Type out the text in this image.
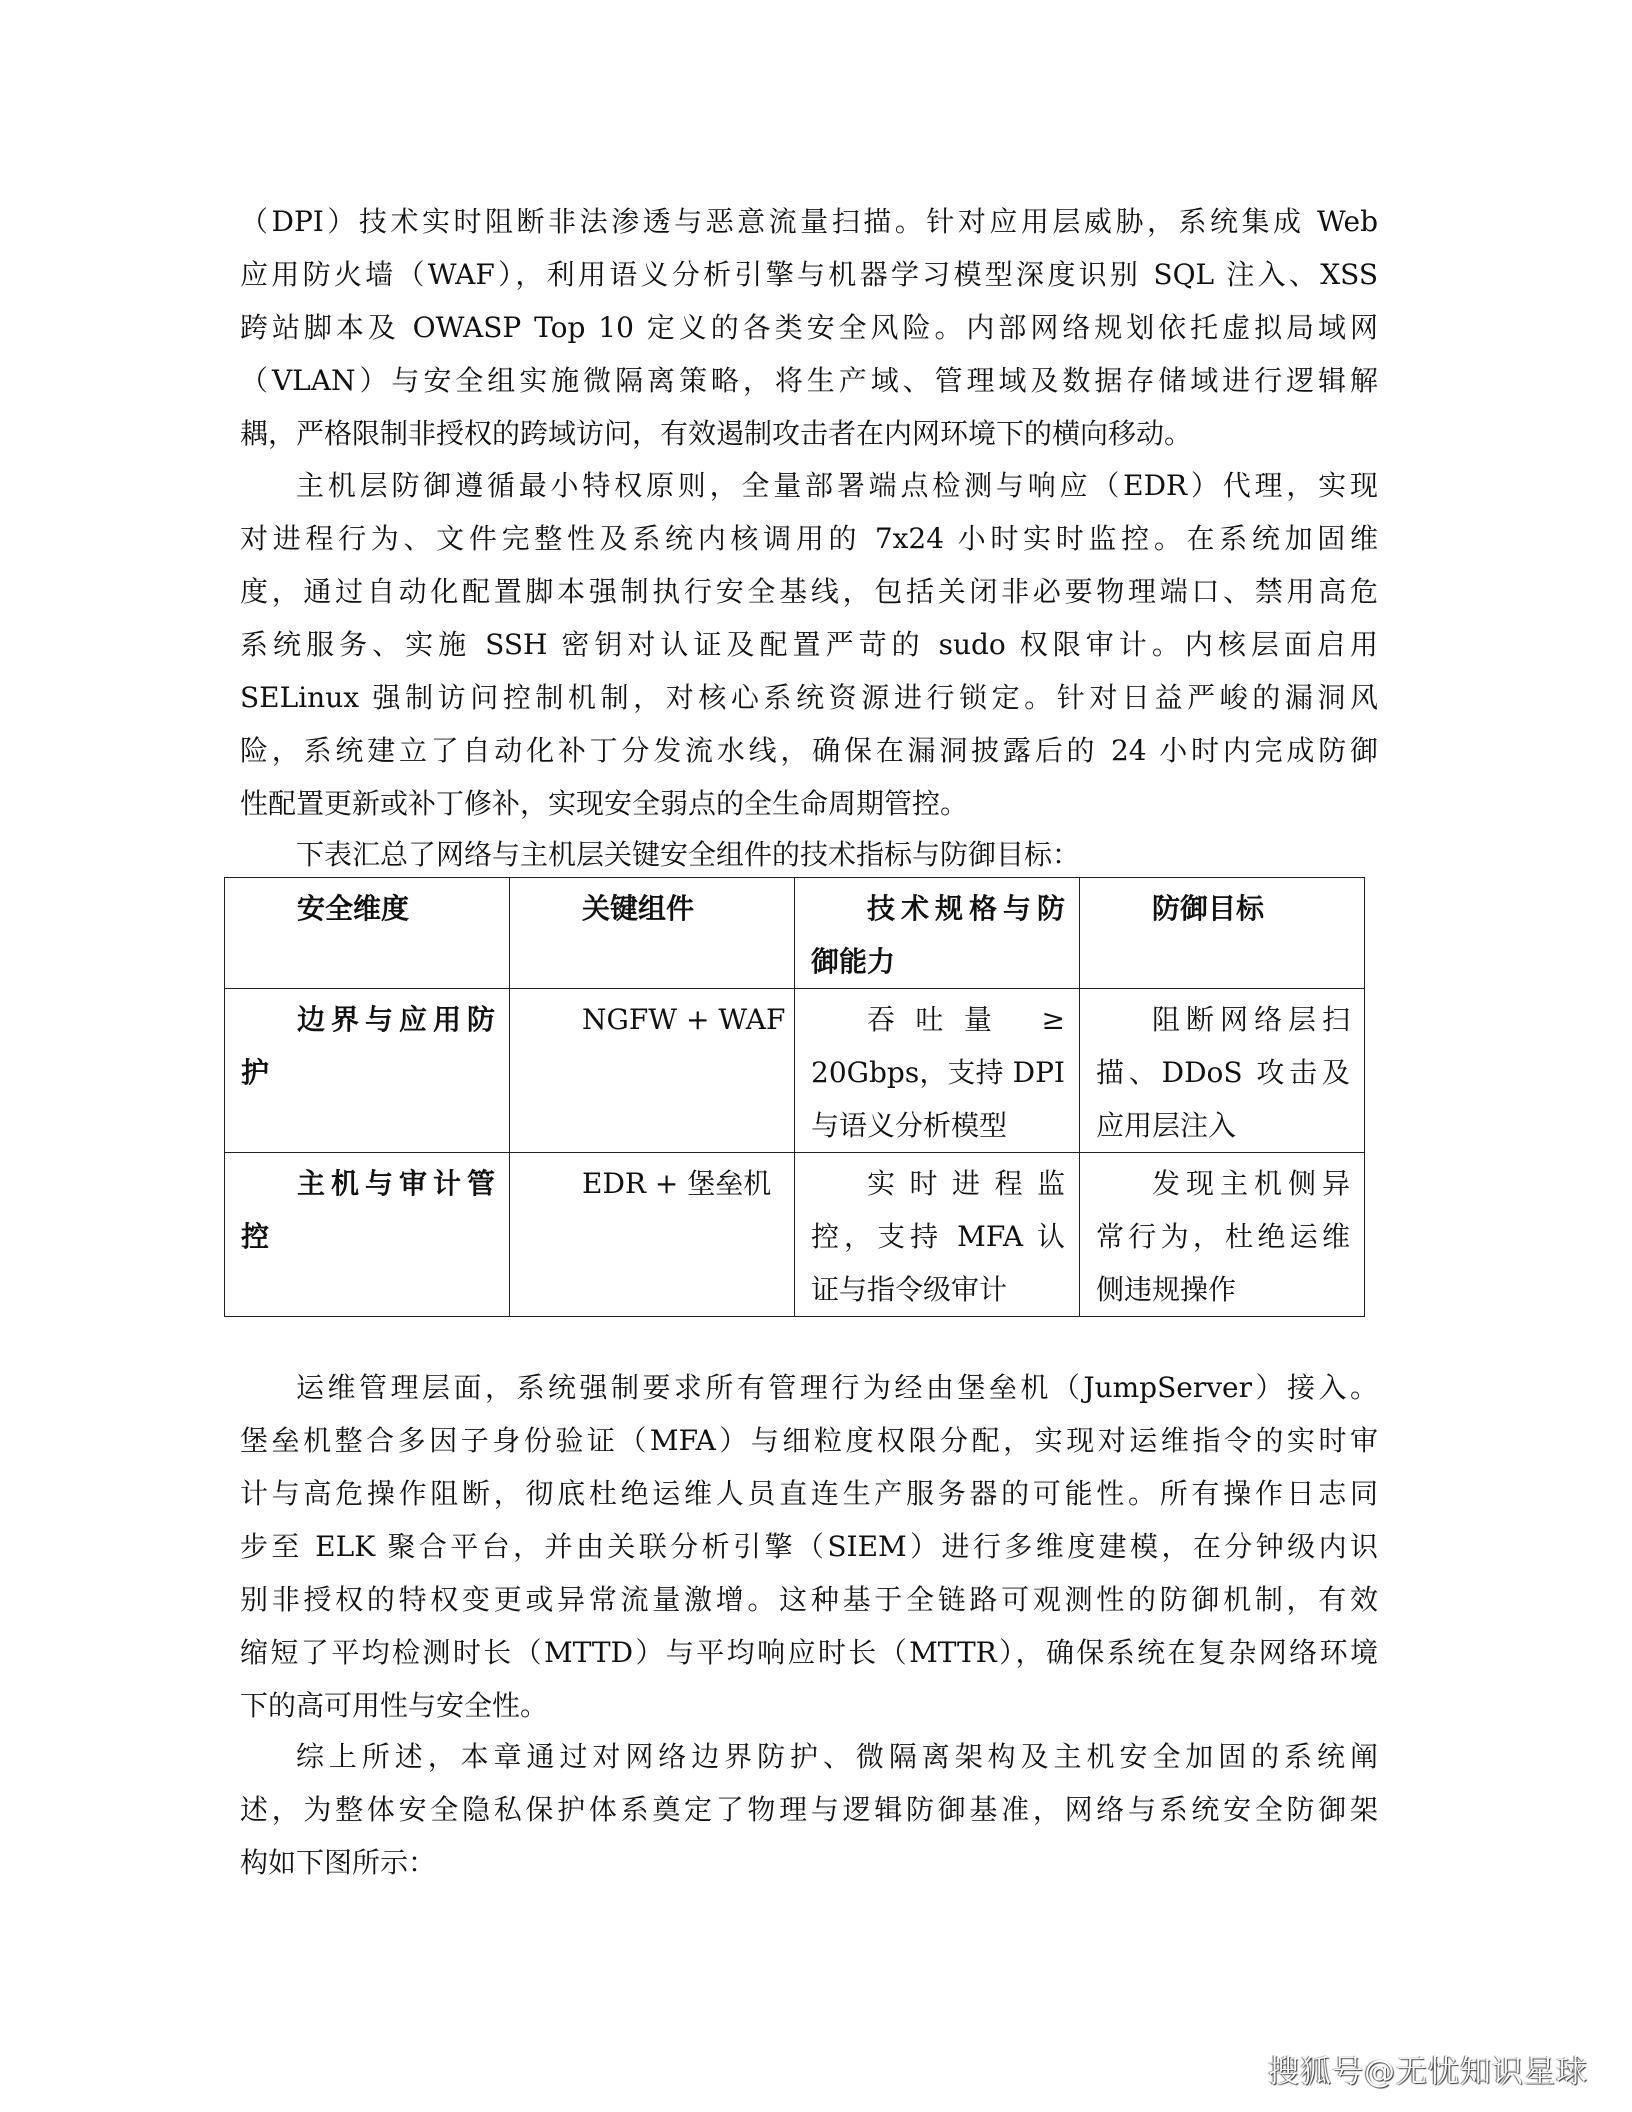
（DPI）技术实时阻断非法渗透与恶意流量扫描。针对应用层威胁，系统集成 Web
应用防火墙（WAF），利用语义分析引擎与机器学习模型深度识别 SQL 注入、XSS
跨站脚本及 OWASP Top 10 定义的各类安全风险。内部网络规划依托虚拟局域网
（VLAN）与安全组实施微隔离策略，将生产域、管理域及数据存储域进行逻辑解
耦，严格限制非授权的跨域访问，有效遏制攻击者在内网环境下的横向移动。
主机层防御遵循最小特权原则，全量部署端点检测与响应（EDR）代理，实现
对进程行为、文件完整性及系统内核调用的 7x24 小时实时监控。在系统加固维
度，通过自动化配置脚本强制执行安全基线，包括关闭非必要物理端口、禁用高危
系统服务、实施 SSH 密钥对认证及配置严苛的 sudo 权限审计。内核层面启用
SELinux 强制访问控制机制，对核心系统资源进行锁定。针对日益严峻的漏洞风
险，系统建立了自动化补丁分发流水线，确保在漏洞披露后的 24 小时内完成防御
性配置更新或补丁修补，实现安全弱点的全生命周期管控。
下表汇总了网络与主机层关键安全组件的技术指标与防御目标：
安全维度	关键组件	技术规格与防
御能力

防御目标

边界与应用防
护

NGFW + WAF	吞吐量 ≥
20Gbps，支持 DPI
与语义分析模型

阻断网络层扫
描、DDoS 攻击及
应用层注入

主机与审计管
控

EDR + 堡垒机	实时进程监
控，支持 MFA 认
证与指令级审计

发现主机侧异
常行为，杜绝运维
侧违规操作
运维管理层面，系统强制要求所有管理行为经由堡垒机（JumpServer）接入。
堡垒机整合多因子身份验证（MFA）与细粒度权限分配，实现对运维指令的实时审
计与高危操作阻断，彻底杜绝运维人员直连生产服务器的可能性。所有操作日志同
步至 ELK 聚合平台，并由关联分析引擎（SIEM）进行多维度建模，在分钟级内识
别非授权的特权变更或异常流量激增。这种基于全链路可观测性的防御机制，有效
缩短了平均检测时长（MTTD）与平均响应时长（MTTR），确保系统在复杂网络环境
下的高可用性与安全性。
综上所述，本章通过对网络边界防护、微隔离架构及主机安全加固的系统阐
述，为整体安全隐私保护体系奠定了物理与逻辑防御基准，网络与系统安全防御架
构如下图所示：
搜狐号@无忧知识星球
